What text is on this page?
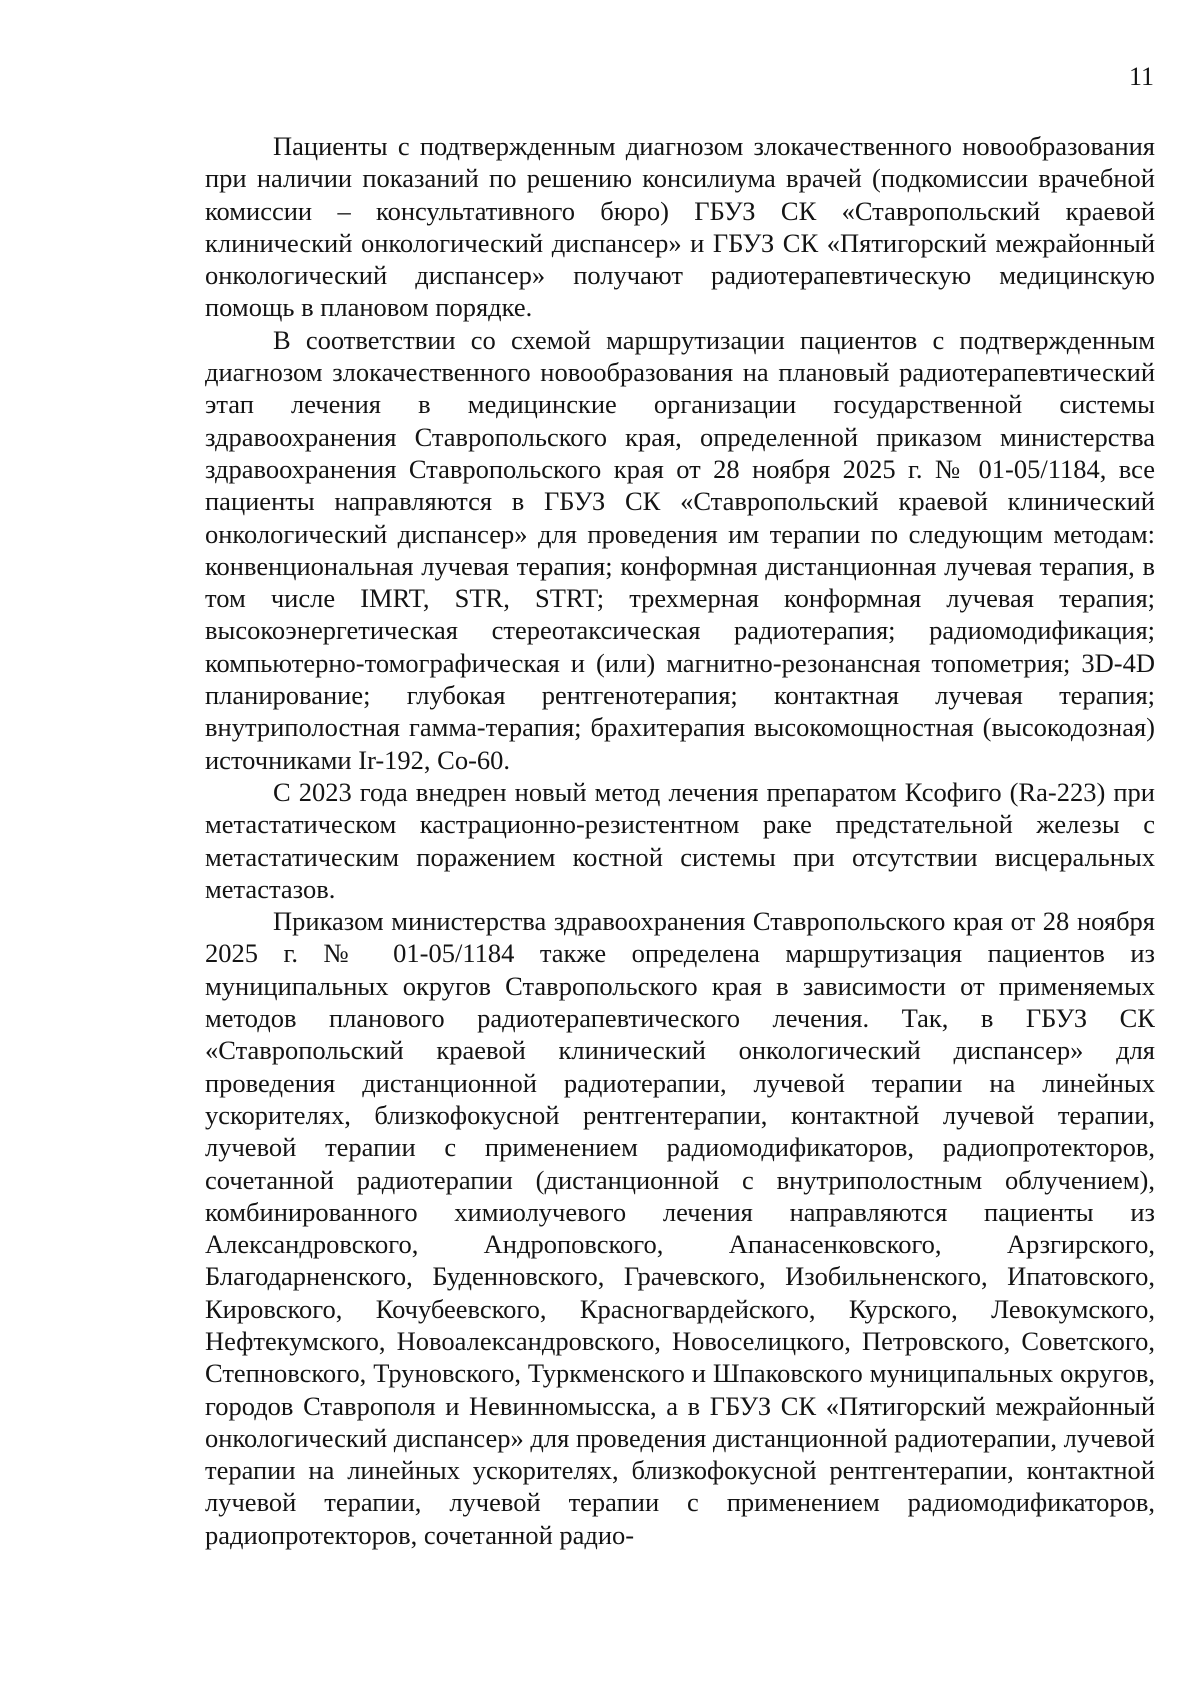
11

Пациенты с подтвержденным диагнозом злокачественного новообразования при наличии показаний по решению консилиума врачей (подкомиссии врачебной комиссии – консультативного бюро) ГБУЗ СК «Ставропольский краевой клинический онкологический диспансер» и ГБУЗ СК «Пятигорский межрайонный онкологический диспансер» получают радиотерапевтическую медицинскую помощь в плановом порядке.

В соответствии со схемой маршрутизации пациентов с подтвержденным диагнозом злокачественного новообразования на плановый радиотерапевтический этап лечения в медицинские организации государственной системы здравоохранения Ставропольского края, определенной приказом министерства здравоохранения Ставропольского края от 28 ноября 2025 г. № 01-05/1184, все пациенты направляются в ГБУЗ СК «Ставропольский краевой клинический онкологический диспансер» для проведения им терапии по следующим методам: конвенциональная лучевая терапия; конформная дистанционная лучевая терапия, в том числе IMRT, STR, STRT; трехмерная конформная лучевая терапия; высокоэнергетическая стереотаксическая радиотерапия; радиомодификация; компьютерно-томографическая и (или) магнитно-резонансная топометрия; 3D-4D планирование; глубокая рентгенотерапия; контактная лучевая терапия; внутриполостная гамма-терапия; брахитерапия высокомощностная (высокодозная) источниками Ir-192, Co-60.

С 2023 года внедрен новый метод лечения препаратом Ксофиго (Ra-223) при метастатическом кастрационно-резистентном раке предстательной железы с метастатическим поражением костной системы при отсутствии висцеральных метастазов.

Приказом министерства здравоохранения Ставропольского края от 28 ноября 2025 г. № 01-05/1184 также определена маршрутизация пациентов из муниципальных округов Ставропольского края в зависимости от применяемых методов планового радиотерапевтического лечения. Так, в ГБУЗ СК «Ставропольский краевой клинический онкологический диспансер» для проведения дистанционной радиотерапии, лучевой терапии на линейных ускорителях, близкофокусной рентгентерапии, контактной лучевой терапии, лучевой терапии с применением радиомодификаторов, радиопротекторов, сочетанной радиотерапии (дистанционной с внутриполостным облучением), комбинированного химиолучевого лечения направляются пациенты из Александровского, Андроповского, Апанасенковского, Арзгирского, Благодарненского, Буденновского, Грачевского, Изобильненского, Ипатовского, Кировского, Кочубеевского, Красногвардейского, Курского, Левокумского, Нефтекумского, Новоалександровского, Новоселицкого, Петровского, Советского, Степновского, Труновского, Туркменского и Шпаковского муниципальных округов, городов Ставрополя и Невинномысска, а в ГБУЗ СК «Пятигорский межрайонный онкологический диспансер» для проведения дистанционной радиотерапии, лучевой терапии на линейных ускорителях, близкофокусной рентгентерапии, контактной лучевой терапии, лучевой терапии с применением радиомодификаторов, радиопротекторов, сочетанной радио-
